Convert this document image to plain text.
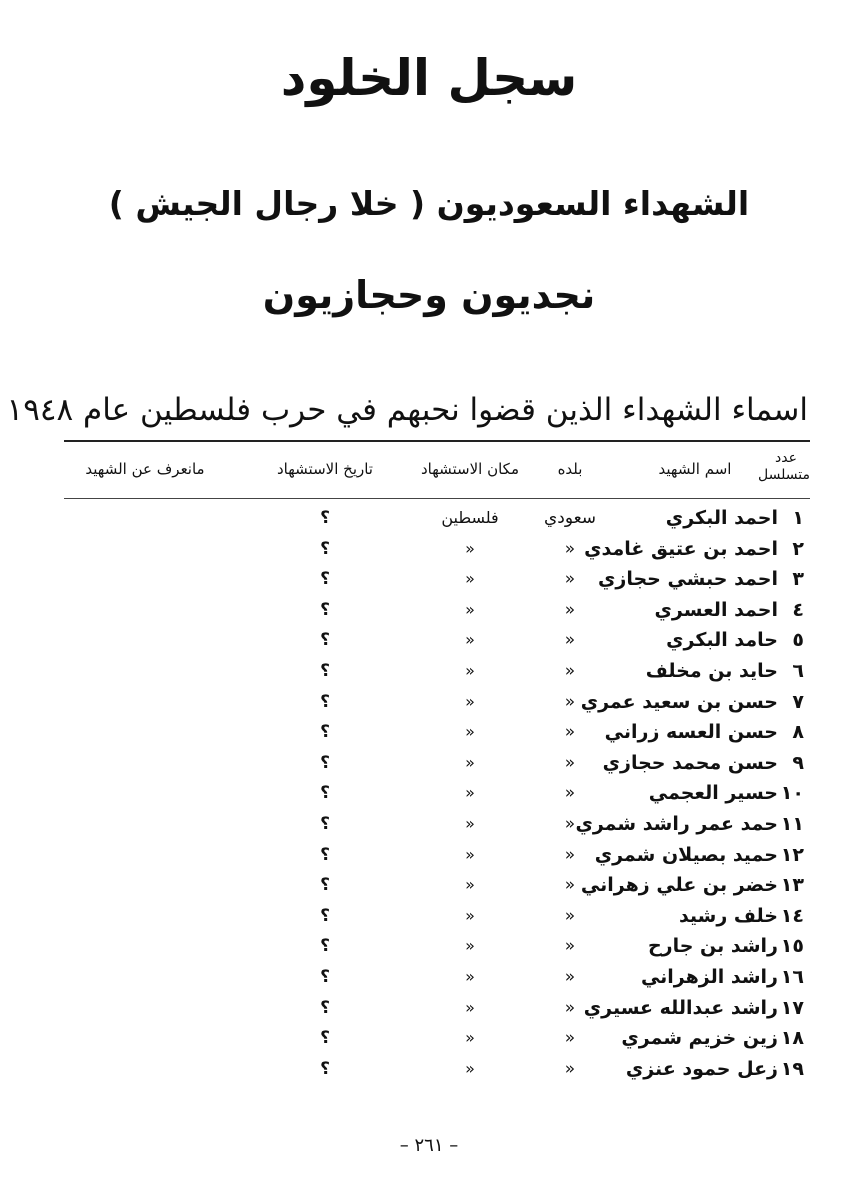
سجل الخلود
الشهداء السعوديون ( خلا رجال الجيش )
نجديون وحجازيون
اسماء الشهداء الذين قضوا نحبهم في حرب فلسطين عام ١٩٤٨
عدد
متسلسل
اسم الشهيد
بلده
مكان الاستشهاد
تاريخ الاستشهاد
مانعرف عن الشهيد
١
احمد البكري
سعودي
فلسطين
؟
٢
احمد بن عتيق غامدي
«
«
؟
٣
احمد حبشي حجازي
«
«
؟
٤
احمد العسري
«
«
؟
٥
حامد البكري
«
«
؟
٦
حايد بن مخلف
«
«
؟
٧
حسن بن سعيد عمري
«
«
؟
٨
حسن العسه زراني
«
«
؟
٩
حسن محمد حجازي
«
«
؟
١٠
حسير العجمي
«
«
؟
١١
حمد عمر راشد شمري
«
«
؟
١٢
حميد بصيلان شمري
«
«
؟
١٣
خضر بن علي زهراني
«
«
؟
١٤
خلف رشيد
«
«
؟
١٥
راشد بن جارح
«
«
؟
١٦
راشد الزهراني
«
«
؟
١٧
راشد عبدالله عسيري
«
«
؟
١٨
زين خزيم شمري
«
«
؟
١٩
زعل حمود عنزي
«
«
؟
– ٢٦١ –
